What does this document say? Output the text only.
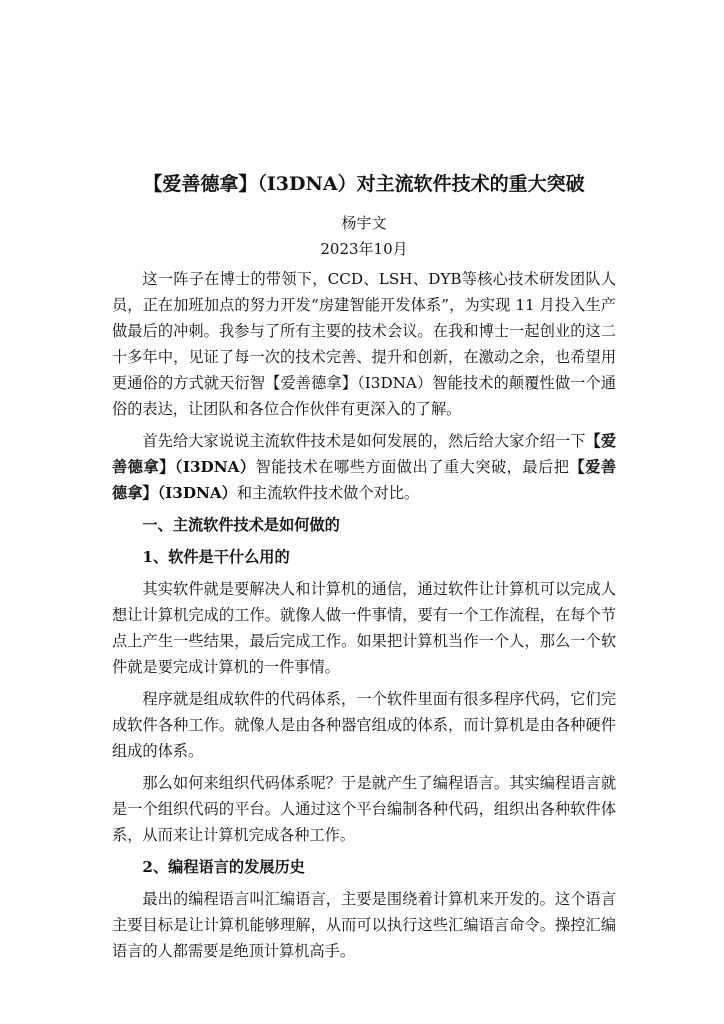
【爱善德拿】（I3DNA）对主流软件技术的重大突破
杨宇文
2023年10月

这一阵子在博士的带领下，CCD、LSH、DYB等核心技术研发团队人员，正在加班加点的努力开发“房建智能开发体系”，为实现 11 月投入生产做最后的冲刺。我参与了所有主要的技术会议。在我和博士一起创业的这二十多年中，见证了每一次的技术完善、提升和创新，在激动之余，也希望用更通俗的方式就天衍智【爱善德拿】（I3DNA）智能技术的颠覆性做一个通俗的表达，让团队和各位合作伙伴有更深入的了解。

首先给大家说说主流软件技术是如何发展的，然后给大家介绍一下【爱善德拿】（I3DNA）智能技术在哪些方面做出了重大突破，最后把【爱善德拿】（I3DNA）和主流软件技术做个对比。

一、主流软件技术是如何做的
1、软件是干什么用的

其实软件就是要解决人和计算机的通信，通过软件让计算机可以完成人想让计算机完成的工作。就像人做一件事情，要有一个工作流程，在每个节点上产生一些结果，最后完成工作。如果把计算机当作一个人，那么一个软件就是要完成计算机的一件事情。

程序就是组成软件的代码体系，一个软件里面有很多程序代码，它们完成软件各种工作。就像人是由各种器官组成的体系，而计算机是由各种硬件组成的体系。

那么如何来组织代码体系呢？于是就产生了编程语言。其实编程语言就是一个组织代码的平台。人通过这个平台编制各种代码，组织出各种软件体系，从而来让计算机完成各种工作。

2、编程语言的发展历史

最出的编程语言叫汇编语言，主要是围绕着计算机来开发的。这个语言主要目标是让计算机能够理解，从而可以执行这些汇编语言命令。操控汇编语言的人都需要是绝顶计算机高手。
